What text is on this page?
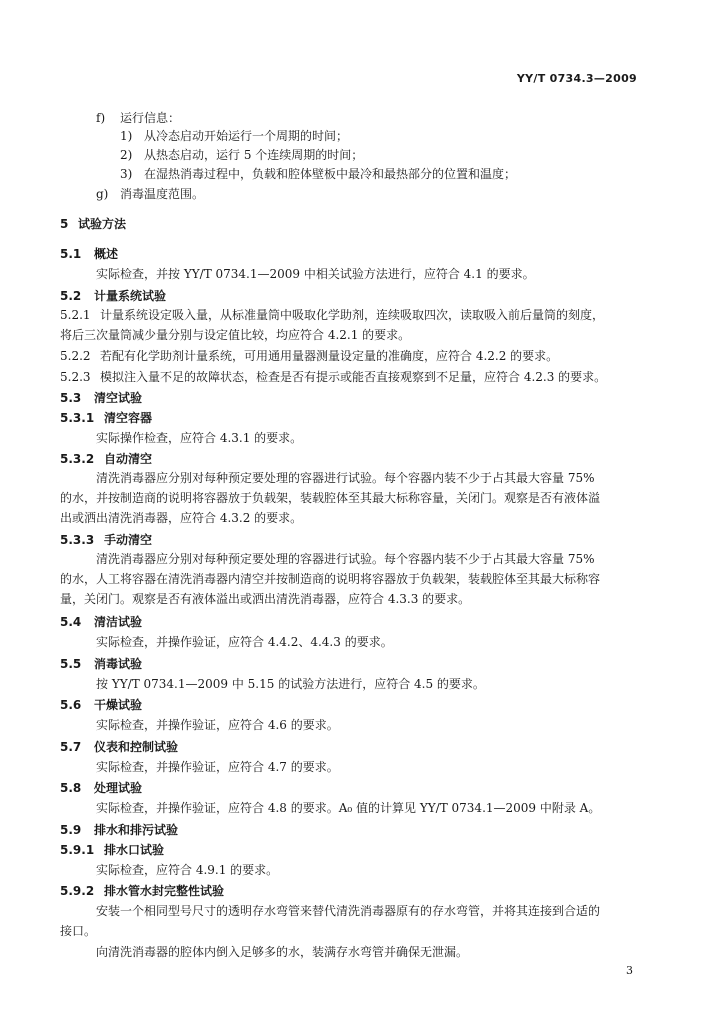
YY/T 0734.3—2009
f) 运行信息：
1) 从冷态启动开始运行一个周期的时间；
2) 从热态启动，运行 5 个连续周期的时间；
3) 在湿热消毒过程中，负载和腔体壁板中最冷和最热部分的位置和温度；
g) 消毒温度范围。
5 试验方法
5.1 概述
实际检查，并按 YY/T 0734.1—2009 中相关试验方法进行，应符合 4.1 的要求。
5.2 计量系统试验
5.2.1 计量系统设定吸入量，从标准量筒中吸取化学助剂，连续吸取四次，读取吸入前后量筒的刻度，
将后三次量筒减少量分别与设定值比较，均应符合 4.2.1 的要求。
5.2.2 若配有化学助剂计量系统，可用通用量器测量设定量的准确度，应符合 4.2.2 的要求。
5.2.3 模拟注入量不足的故障状态，检查是否有提示或能否直接观察到不足量，应符合 4.2.3 的要求。
5.3 清空试验
5.3.1 清空容器
实际操作检查，应符合 4.3.1 的要求。
5.3.2 自动清空
清洗消毒器应分别对每种预定要处理的容器进行试验。每个容器内装不少于占其最大容量 75%
的水，并按制造商的说明将容器放于负载架，装载腔体至其最大标称容量，关闭门。观察是否有液体溢
出或洒出清洗消毒器，应符合 4.3.2 的要求。
5.3.3 手动清空
清洗消毒器应分别对每种预定要处理的容器进行试验。每个容器内装不少于占其最大容量 75%
的水，人工将容器在清洗消毒器内清空并按制造商的说明将容器放于负载架，装载腔体至其最大标称容
量，关闭门。观察是否有液体溢出或洒出清洗消毒器，应符合 4.3.3 的要求。
5.4 清洁试验
实际检查，并操作验证，应符合 4.4.2、4.4.3 的要求。
5.5 消毒试验
按 YY/T 0734.1—2009 中 5.15 的试验方法进行，应符合 4.5 的要求。
5.6 干燥试验
实际检查，并操作验证，应符合 4.6 的要求。
5.7 仪表和控制试验
实际检查，并操作验证，应符合 4.7 的要求。
5.8 处理试验
实际检查，并操作验证，应符合 4.8 的要求。A₀ 值的计算见 YY/T 0734.1—2009 中附录 A。
5.9 排水和排污试验
5.9.1 排水口试验
实际检查，应符合 4.9.1 的要求。
5.9.2 排水管水封完整性试验
安装一个相同型号尺寸的透明存水弯管来替代清洗消毒器原有的存水弯管，并将其连接到合适的
接口。
向清洗消毒器的腔体内倒入足够多的水，装满存水弯管并确保无泄漏。
3
